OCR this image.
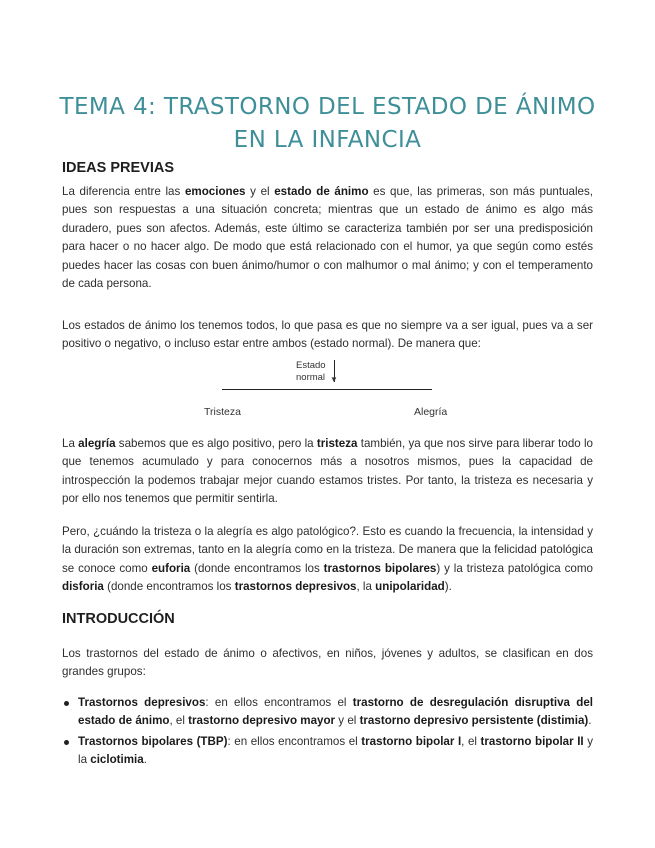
TEMA 4: TRASTORNO DEL ESTADO DE ÁNIMO EN LA INFANCIA
IDEAS PREVIAS

La diferencia entre las emociones y el estado de ánimo es que, las primeras, son más puntuales, pues son respuestas a una situación concreta; mientras que un estado de ánimo es algo más duradero, pues son afectos. Además, este último se caracteriza también por ser una predisposición para hacer o no hacer algo. De modo que está relacionado con el humor, ya que según como estés puedes hacer las cosas con buen ánimo/humor o con malhumor o mal ánimo; y con el temperamento de cada persona.

Los estados de ánimo los tenemos todos, lo que pasa es que no siempre va a ser igual, pues va a ser positivo o negativo, o incluso estar entre ambos (estado normal). De manera que:

Estado
normal ▼
Tristeza	Alegría

La alegría sabemos que es algo positivo, pero la tristeza también, ya que nos sirve para liberar todo lo que tenemos acumulado y para conocernos más a nosotros mismos, pues la capacidad de introspección la podemos trabajar mejor cuando estamos tristes. Por tanto, la tristeza es necesaria y por ello nos tenemos que permitir sentirla.

Pero, ¿cuándo la tristeza o la alegría es algo patológico?. Esto es cuando la frecuencia, la intensidad y la duración son extremas, tanto en la alegría como en la tristeza. De manera que la felicidad patológica se conoce como euforia (donde encontramos los trastornos bipolares) y la tristeza patológica como disforia (donde encontramos los trastornos depresivos, la unipolaridad).

INTRODUCCIÓN

Los trastornos del estado de ánimo o afectivos, en niños, jóvenes y adultos, se clasifican en dos grandes grupos:

Trastornos depresivos: en ellos encontramos el trastorno de desregulación disruptiva del estado de ánimo, el trastorno depresivo mayor y el trastorno depresivo persistente (distimia).
Trastornos bipolares (TBP): en ellos encontramos el trastorno bipolar I, el trastorno bipolar II y la ciclotimia.
